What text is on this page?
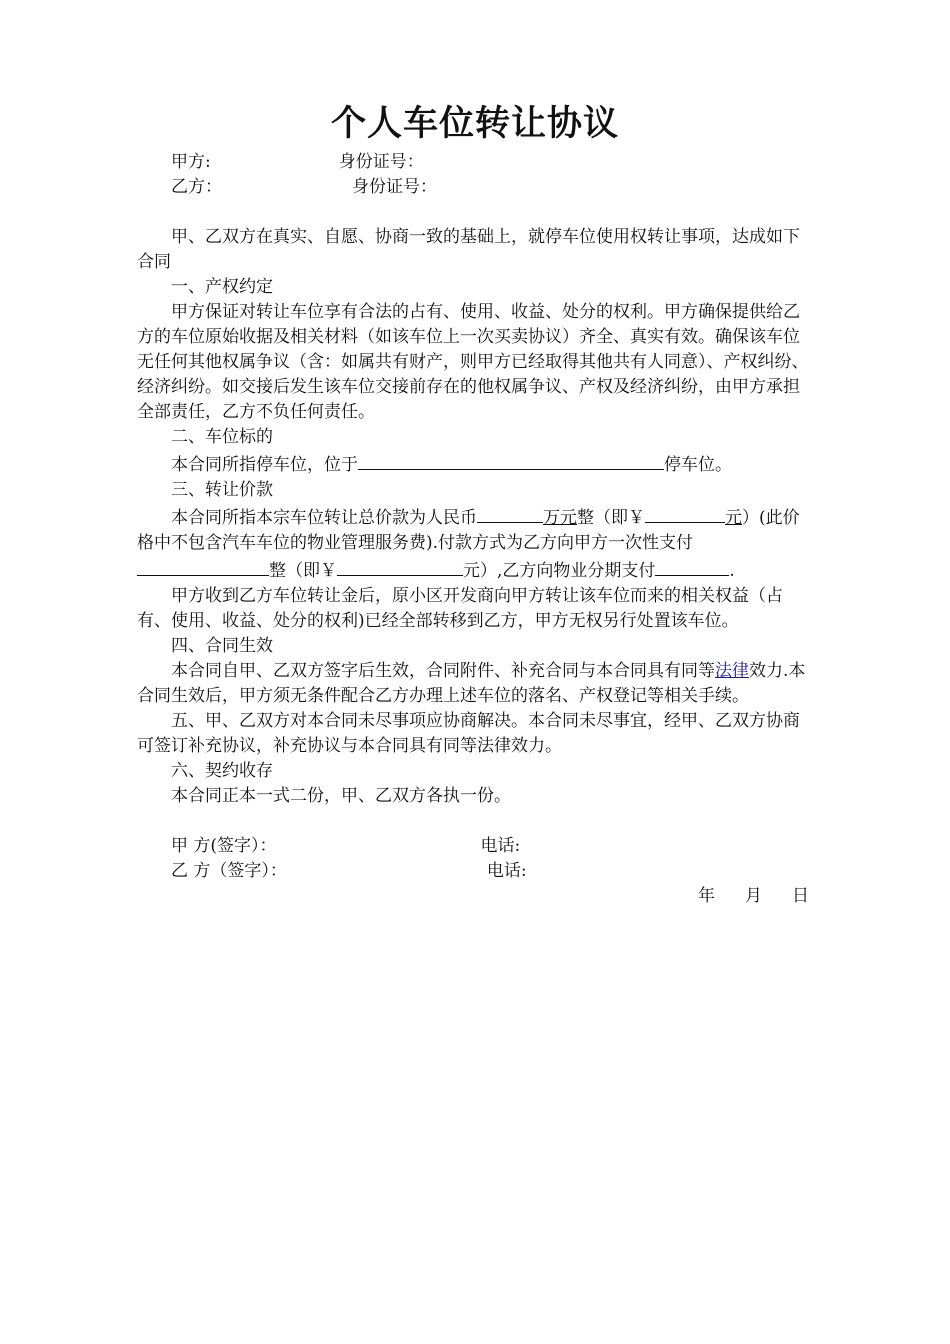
个人车位转让协议

甲方:	身份证号：

乙方：	身份证号：

甲、乙双方在真实、自愿、协商一致的基础上，就停车位使用权转让事项，达成如下合同

一、产权约定

甲方保证对转让车位享有合法的占有、使用、收益、处分的权利。甲方确保提供给乙方的车位原始收据及相关材料（如该车位上一次买卖协议）齐全、真实有效。确保该车位无任何其他权属争议（含：如属共有财产，则甲方已经取得其他共有人同意）、产权纠纷、经济纠纷。如交接后发生该车位交接前存在的他权属争议、产权及经济纠纷，由甲方承担全部责任，乙方不负任何责任。

二、车位标的

本合同所指停车位，位于	停车位。

三、转让价款

本合同所指本宗车位转让总价款为人民币	万元整（即￥	元）(此价格中不包含汽车车位的物业管理服务费).付款方式为乙方向甲方一次性支付整（即￥	元）,乙方向物业分期支付	.

甲方收到乙方车位转让金后，原小区开发商向甲方转让该车位而来的相关权益（占有、使用、收益、处分的权利)已经全部转移到乙方，甲方无权另行处置该车位。

四、合同生效

本合同自甲、乙双方签字后生效，合同附件、补充合同与本合同具有同等法律效力.本合同生效后，甲方须无条件配合乙方办理上述车位的落名、产权登记等相关手续。

五、甲、乙双方对本合同未尽事项应协商解决。本合同未尽事宜，经甲、乙双方协商可签订补充协议，补充协议与本合同具有同等法律效力。

六、契约收存

本合同正本一式二份，甲、乙双方各执一份。

甲 方(签字）：	电话:

乙 方（签字）：	电话:

年 月 日
